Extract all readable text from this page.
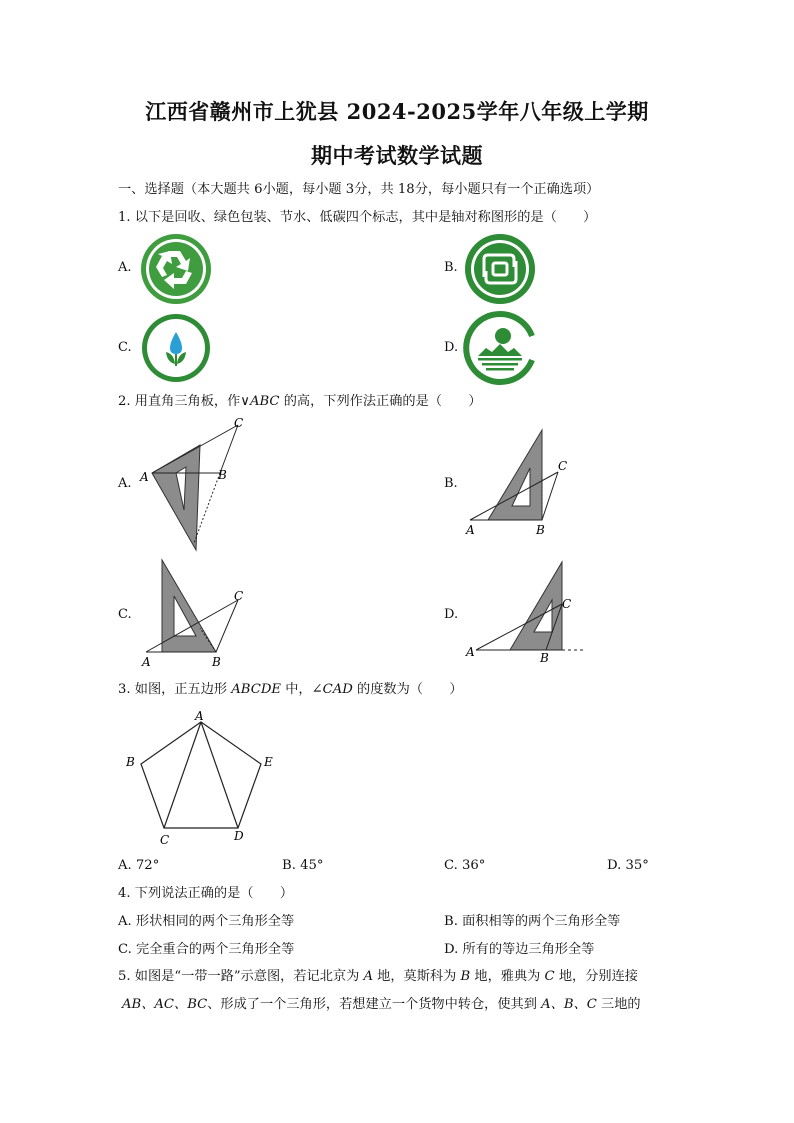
江西省赣州市上犹县 2024-2025学年八年级上学期
期中考试数学试题
一、选择题（本大题共 6小题，每小题 3分，共 18分，每小题只有一个正确选项）
1. 以下是回收、绿色包装、节水、低碳四个标志，其中是轴对称图形的是（　　）
A.	B.
C.	D.
2. 用直角三角板，作∨ABC 的高，下列作法正确的是（　　）
A.	B.
C.	D.
A	B
C
A	B
C
A	B
C
A	B
C
3. 如图，正五边形 ABCDE 中，∠CAD 的度数为（　　）
A
B
C	D
E
A. 72°	B. 45°	C. 36°	D. 35°
4. 下列说法正确的是（　　）
A. 形状相同的两个三角形全等	B. 面积相等的两个三角形全等
C. 完全重合的两个三角形全等	D. 所有的等边三角形全等
5. 如图是“一带一路”示意图，若记北京为 A 地，莫斯科为 B 地，雅典为 C 地，分别连接
AB、AC、BC、形成了一个三角形，若想建立一个货物中转仓，使其到 A、B、C 三地的
